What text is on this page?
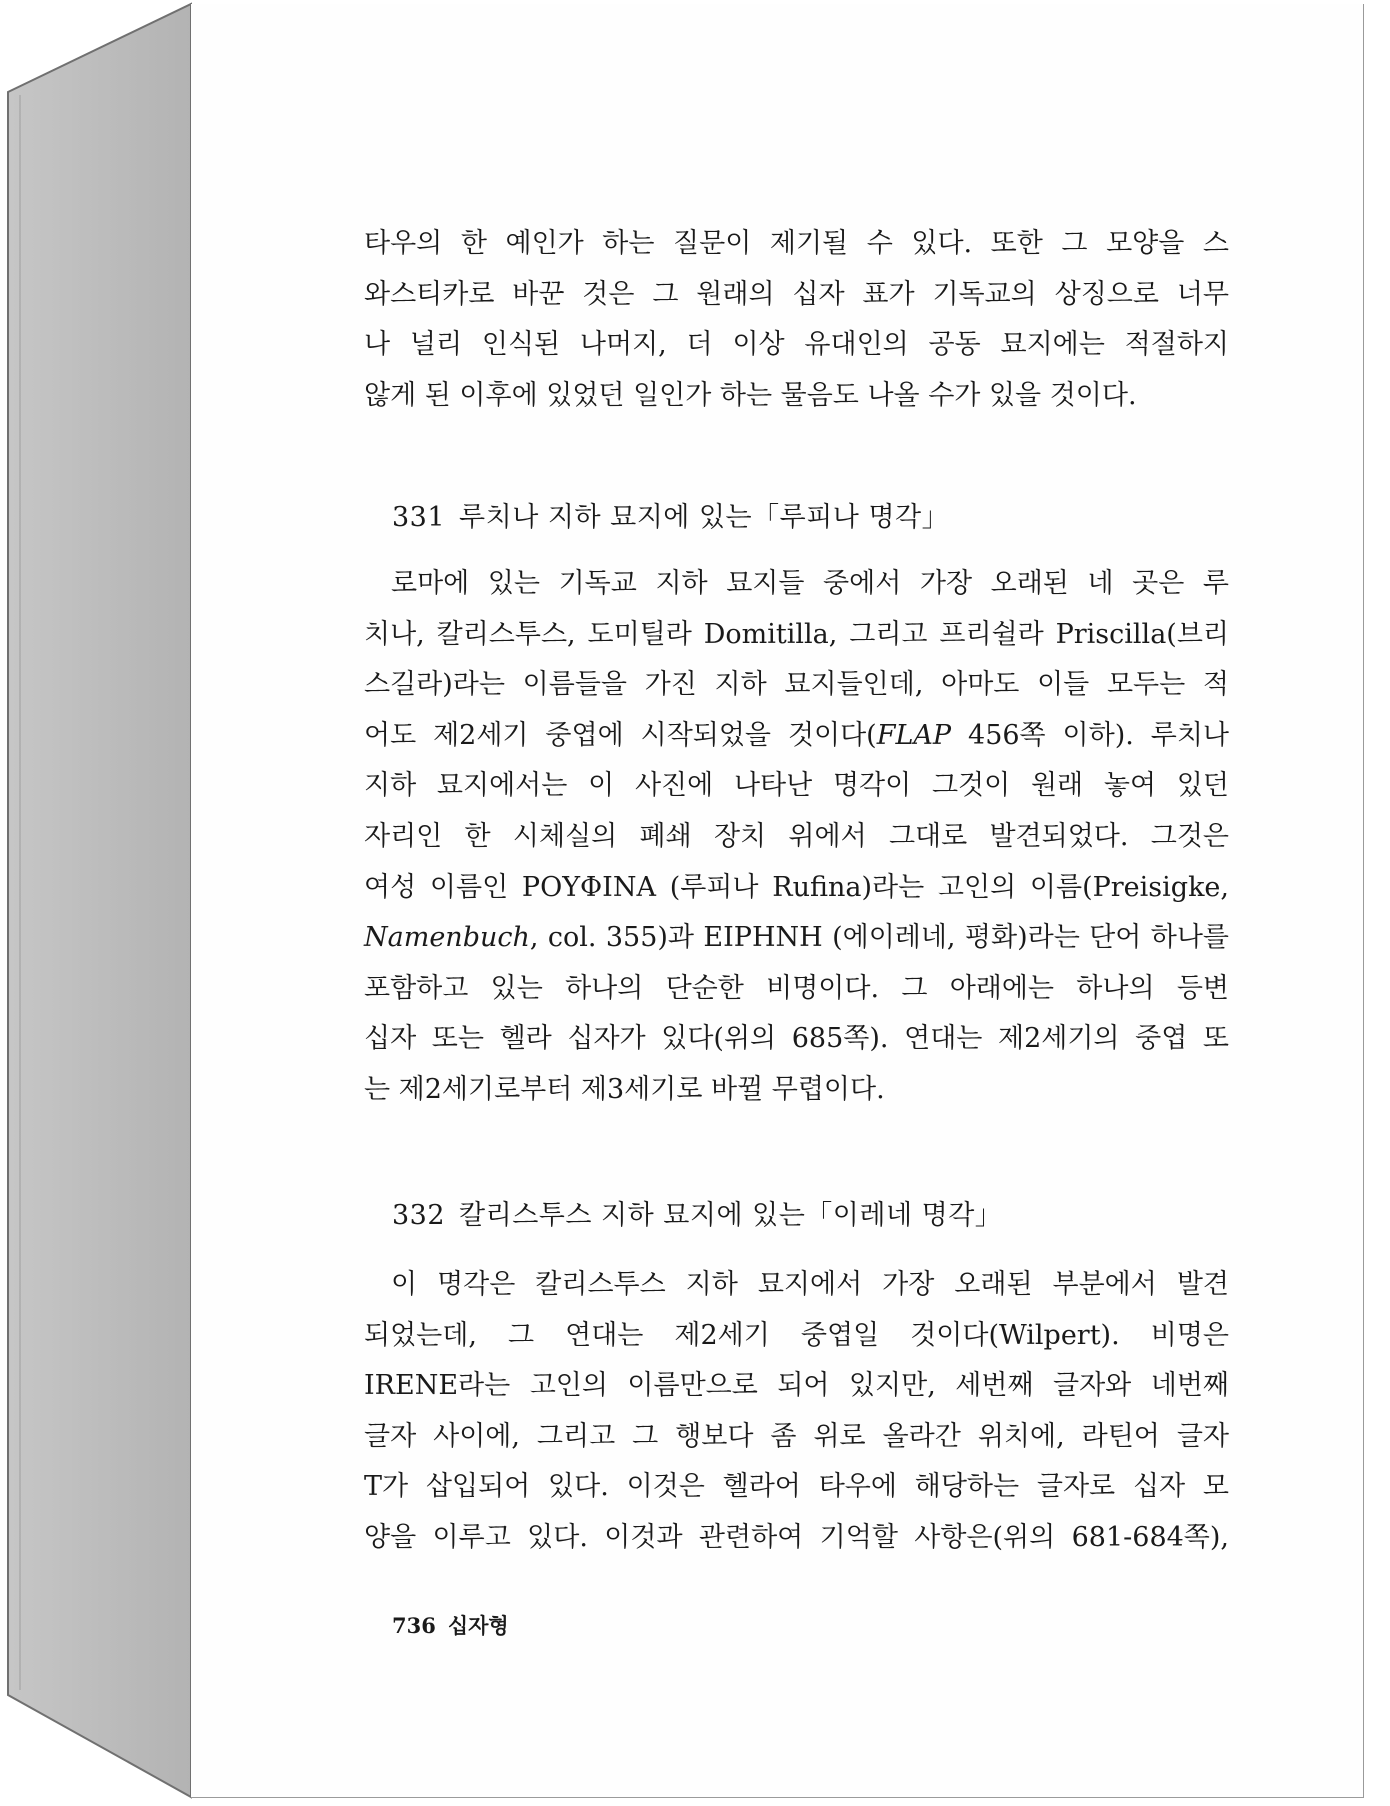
타우의 한 예인가 하는 질문이 제기될 수 있다. 또한 그 모양을 스
와스티카로 바꾼 것은 그 원래의 십자 표가 기독교의 상징으로 너무
나 널리 인식된 나머지, 더 이상 유대인의 공동 묘지에는 적절하지
않게 된 이후에 있었던 일인가 하는 물음도 나올 수가 있을 것이다.

331 루치나 지하 묘지에 있는「루피나 명각」

로마에 있는 기독교 지하 묘지들 중에서 가장 오래된 네 곳은 루
치나, 칼리스투스, 도미틸라 Domitilla, 그리고 프리쉴라 Priscilla(브리
스길라)라는 이름들을 가진 지하 묘지들인데, 아마도 이들 모두는 적
어도 제2세기 중엽에 시작되었을 것이다(FLAP 456쪽 이하). 루치나
지하 묘지에서는 이 사진에 나타난 명각이 그것이 원래 놓여 있던
자리인 한 시체실의 폐쇄 장치 위에서 그대로 발견되었다. 그것은
여성 이름인 POYΦINA (루피나 Rufina)라는 고인의 이름(Preisigke,
Namenbuch, col. 355)과 EIPHNH (에이레네, 평화)라는 단어 하나를
포함하고 있는 하나의 단순한 비명이다. 그 아래에는 하나의 등변
십자 또는 헬라 십자가 있다(위의 685쪽). 연대는 제2세기의 중엽 또
는 제2세기로부터 제3세기로 바뀔 무렵이다.

332 칼리스투스 지하 묘지에 있는「이레네 명각」

이 명각은 칼리스투스 지하 묘지에서 가장 오래된 부분에서 발견
되었는데, 그 연대는 제2세기 중엽일 것이다(Wilpert). 비명은
IRENE라는 고인의 이름만으로 되어 있지만, 세번째 글자와 네번째
글자 사이에, 그리고 그 행보다 좀 위로 올라간 위치에, 라틴어 글자
T가 삽입되어 있다. 이것은 헬라어 타우에 해당하는 글자로 십자 모
양을 이루고 있다. 이것과 관련하여 기억할 사항은(위의 681-684쪽),

736 십자형
